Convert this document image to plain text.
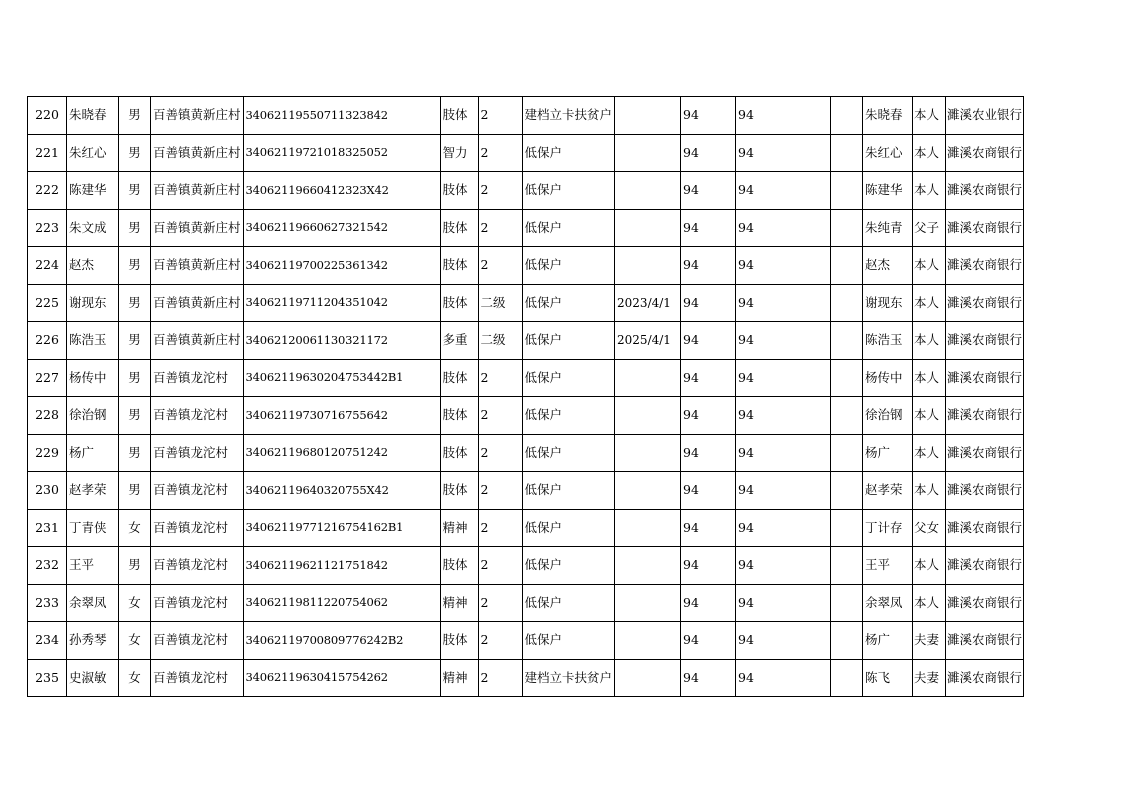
220	朱晓春	男	百善镇黄新庄村	34062119550711323842	肢体	2	建档立卡扶贫户		94	94		朱晓春	本人	濉溪农业银行
221	朱红心	男	百善镇黄新庄村	34062119721018325052	智力	2	低保户		94	94		朱红心	本人	濉溪农商银行
222	陈建华	男	百善镇黄新庄村	34062119660412323X42	肢体	2	低保户		94	94		陈建华	本人	濉溪农商银行
223	朱文成	男	百善镇黄新庄村	34062119660627321542	肢体	2	低保户		94	94		朱纯青	父子	濉溪农商银行
224	赵杰	男	百善镇黄新庄村	34062119700225361342	肢体	2	低保户		94	94		赵杰	本人	濉溪农商银行
225	谢现东	男	百善镇黄新庄村	34062119711204351042	肢体	二级	低保户	2023/4/1	94	94		谢现东	本人	濉溪农商银行
226	陈浩玉	男	百善镇黄新庄村	34062120061130321172	多重	二级	低保户	2025/4/1	94	94		陈浩玉	本人	濉溪农商银行
227	杨传中	男	百善镇龙沱村	34062119630204753442B1	肢体	2	低保户		94	94		杨传中	本人	濉溪农商银行
228	徐治钢	男	百善镇龙沱村	34062119730716755642	肢体	2	低保户		94	94		徐治钢	本人	濉溪农商银行
229	杨广	男	百善镇龙沱村	34062119680120751242	肢体	2	低保户		94	94		杨广	本人	濉溪农商银行
230	赵孝荣	男	百善镇龙沱村	34062119640320755X42	肢体	2	低保户		94	94		赵孝荣	本人	濉溪农商银行
231	丁青侠	女	百善镇龙沱村	34062119771216754162B1	精神	2	低保户		94	94		丁计存	父女	濉溪农商银行
232	王平	男	百善镇龙沱村	34062119621121751842	肢体	2	低保户		94	94		王平	本人	濉溪农商银行
233	余翠凤	女	百善镇龙沱村	34062119811220754062	精神	2	低保户		94	94		余翠凤	本人	濉溪农商银行
234	孙秀琴	女	百善镇龙沱村	34062119700809776242B2	肢体	2	低保户		94	94		杨广	夫妻	濉溪农商银行
235	史淑敏	女	百善镇龙沱村	34062119630415754262	精神	2	建档立卡扶贫户		94	94		陈飞	夫妻	濉溪农商银行
